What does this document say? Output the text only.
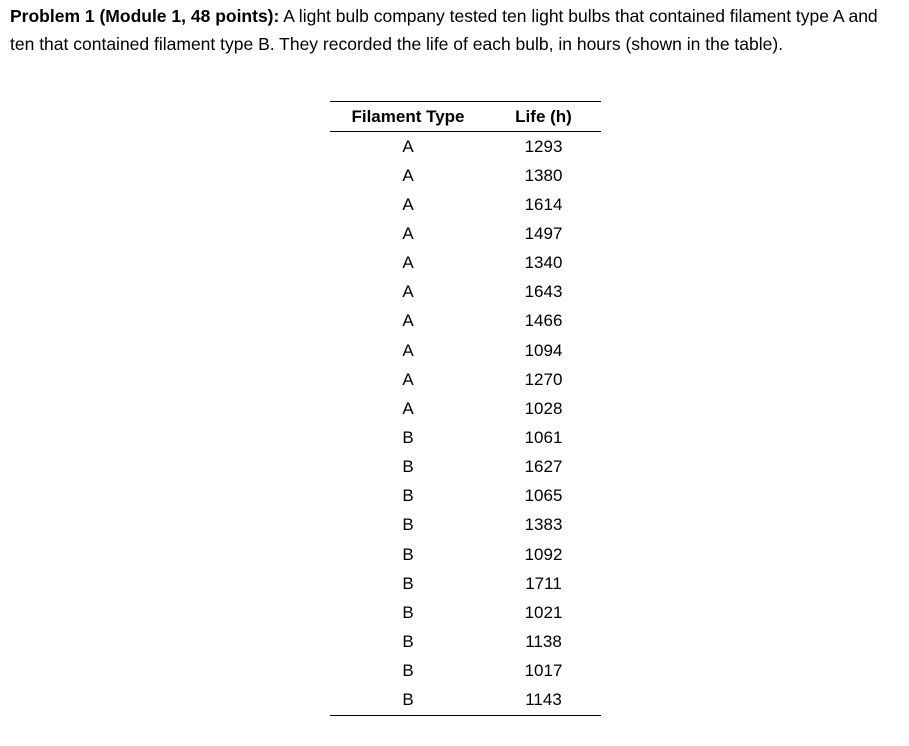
Problem 1 (Module 1, 48 points): A light bulb company tested ten light bulbs that contained filament type A and ten that contained filament type B. They recorded the life of each bulb, in hours (shown in the table).

Filament Type	Life (h)
A	1293
A	1380
A	1614
A	1497
A	1340
A	1643
A	1466
A	1094
A	1270
A	1028
B	1061
B	1627
B	1065
B	1383
B	1092
B	1711
B	1021
B	1138
B	1017
B	1143
